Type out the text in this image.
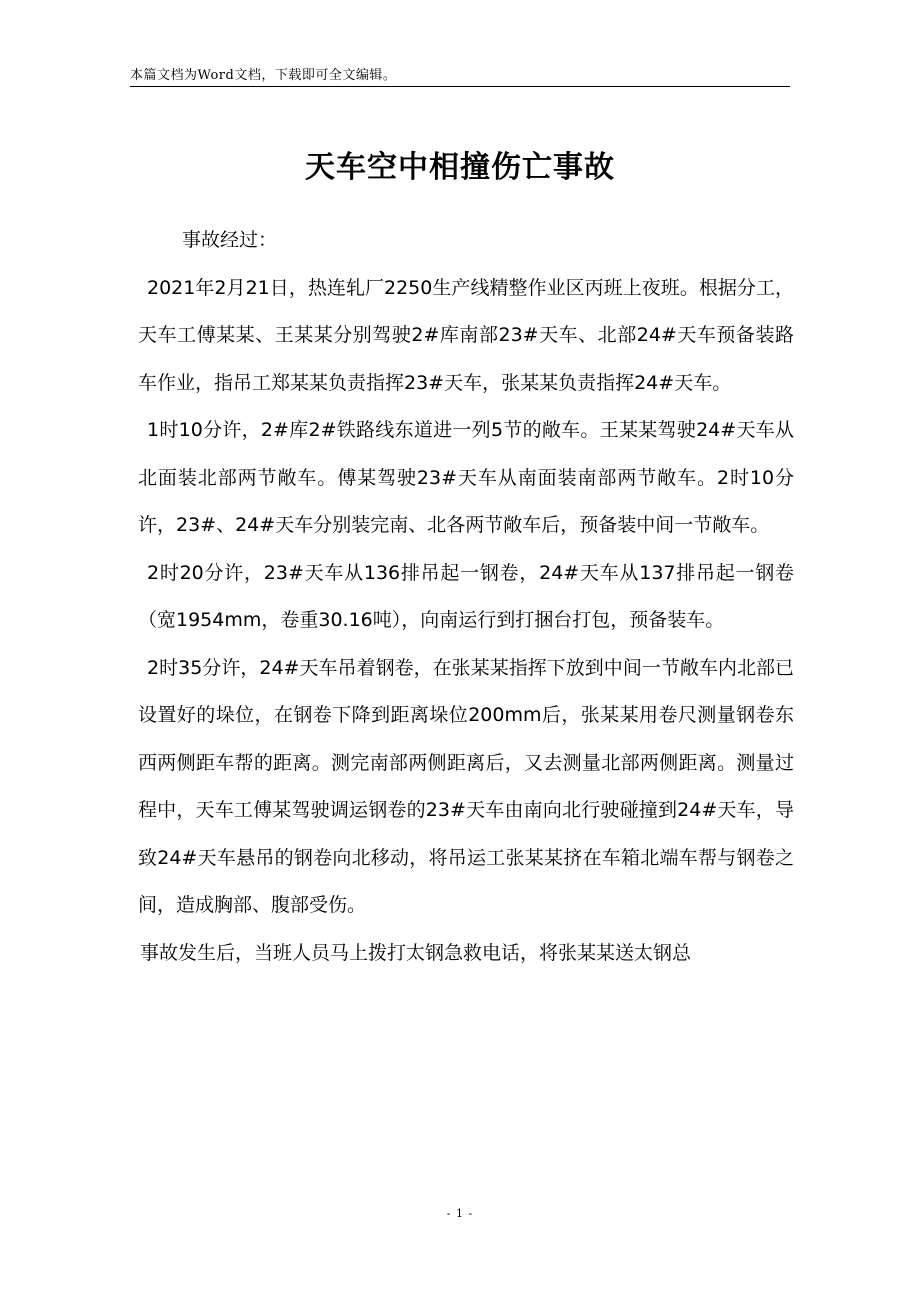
本篇文档为Word文档，下载即可全文编辑。
天车空中相撞伤亡事故

事故经过：

2021年2月21日，热连轧厂2250生产线精整作业区丙班上夜班。根据分工，天车工傅某某、王某某分别驾驶2#库南部23#天车、北部24#天车预备装路车作业，指吊工郑某某负责指挥23#天车，张某某负责指挥24#天车。

1时10分许，2#库2#铁路线东道进一列5节的敞车。王某某驾驶24#天车从北面装北部两节敞车。傅某驾驶23#天车从南面装南部两节敞车。2时10分许，23#、24#天车分别装完南、北各两节敞车后，预备装中间一节敞车。

2时20分许，23#天车从136排吊起一钢卷，24#天车从137排吊起一钢卷（宽1954mm，卷重30.16吨），向南运行到打捆台打包，预备装车。

2时35分许，24#天车吊着钢卷，在张某某指挥下放到中间一节敞车内北部已设置好的垛位，在钢卷下降到距离垛位200mm后，张某某用卷尺测量钢卷东西两侧距车帮的距离。测完南部两侧距离后，又去测量北部两侧距离。测量过程中，天车工傅某驾驶调运钢卷的23#天车由南向北行驶碰撞到24#天车，导致24#天车悬吊的钢卷向北移动，将吊运工张某某挤在车箱北端车帮与钢卷之间，造成胸部、腹部受伤。

事故发生后，当班人员马上拨打太钢急救电话，将张某某送太钢总

- 1 -
